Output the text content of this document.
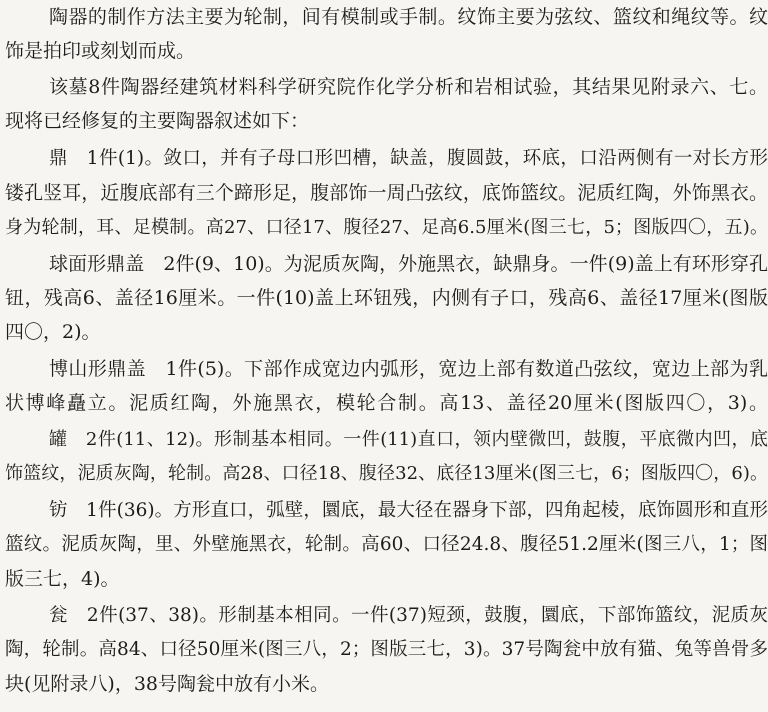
陶器的制作方法主要为轮制，间有模制或手制。纹饰主要为弦纹、篮纹和绳纹等。纹
饰是拍印或刻划而成。
该墓8件陶器经建筑材料科学研究院作化学分析和岩相试验，其结果见附录六、七。
现将已经修复的主要陶器叙述如下：
鼎　1件(1)。敛口，并有子母口形凹槽，缺盖，腹圆鼓，环底，口沿两侧有一对长方形
镂孔竖耳，近腹底部有三个蹄形足，腹部饰一周凸弦纹，底饰篮纹。泥质红陶，外饰黑衣。
身为轮制，耳、足模制。高27、口径17、腹径27、足高6.5厘米(图三七，5；图版四〇，五)。
球面形鼎盖　2件(9、10)。为泥质灰陶，外施黑衣，缺鼎身。一件(9)盖上有环形穿孔
钮，残高6、盖径16厘米。一件(10)盖上环钮残，内侧有子口，残高6、盖径17厘米(图版
四〇，2)。
博山形鼎盖　1件(5)。下部作成宽边内弧形，宽边上部有数道凸弦纹，宽边上部为乳
状博峰矗立。泥质红陶，外施黑衣，模轮合制。高13、盖径20厘米(图版四〇，3)。
罐　2件(11、12)。形制基本相同。一件(11)直口，领内壁微凹，鼓腹，平底微内凹，底
饰篮纹，泥质灰陶，轮制。高28、口径18、腹径32、底径13厘米(图三七，6；图版四〇，6)。
钫　1件(36)。方形直口，弧壁，圜底，最大径在器身下部，四角起棱，底饰圆形和直形
篮纹。泥质灰陶，里、外壁施黑衣，轮制。高60、口径24.8、腹径51.2厘米(图三八，1；图
版三七，4)。
瓮　2件(37、38)。形制基本相同。一件(37)短颈，鼓腹，圜底，下部饰篮纹，泥质灰
陶，轮制。高84、口径50厘米(图三八，2；图版三七，3)。37号陶瓮中放有猫、兔等兽骨多
块(见附录八)，38号陶瓮中放有小米。
